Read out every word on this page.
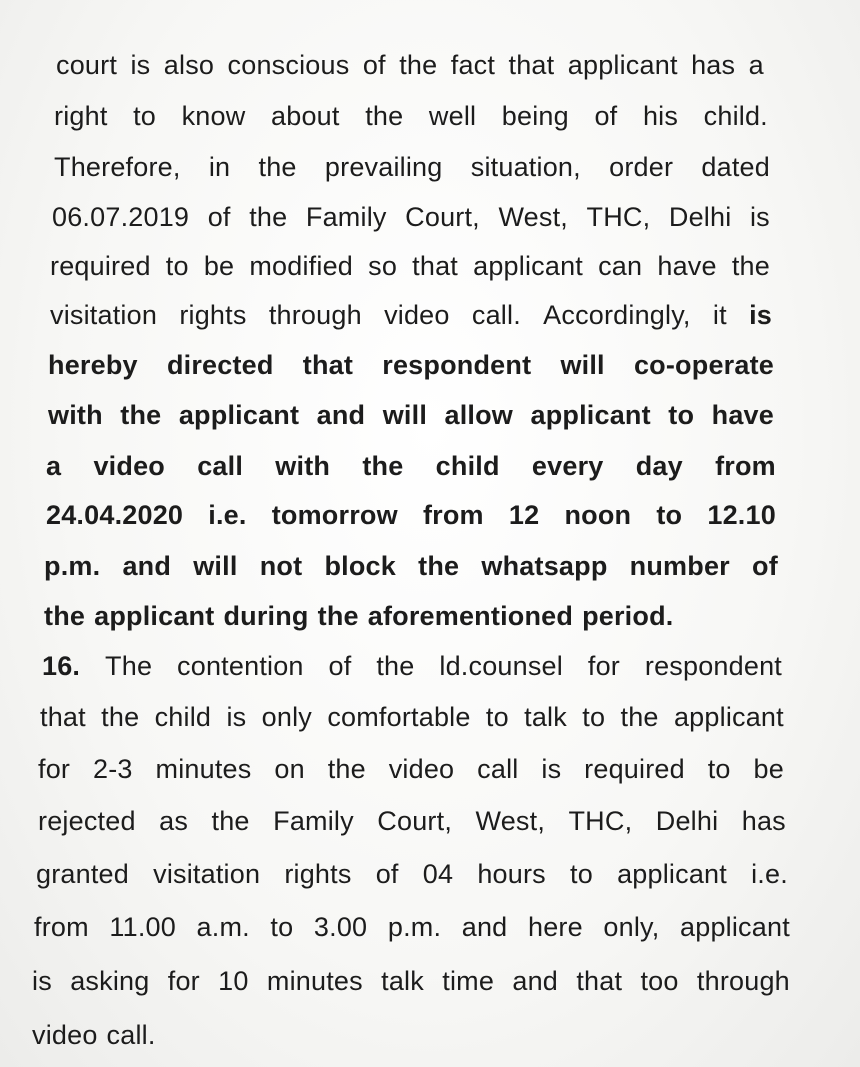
court is also conscious of the fact that applicant has a
right to know about the well being of his child.
Therefore, in the prevailing situation, order dated
06.07.2019 of the Family Court, West, THC, Delhi is
required to be modified so that applicant can have the
visitation rights through video call. Accordingly, it is
hereby directed that respondent will co-operate
with the applicant and will allow applicant to have
a video call with the child every day from
24.04.2020 i.e. tomorrow from 12 noon to 12.10
p.m. and will not block the whatsapp number of
the applicant during the aforementioned period.
16. The contention of the ld.counsel for respondent
that the child is only comfortable to talk to the applicant
for 2-3 minutes on the video call is required to be
rejected as the Family Court, West, THC, Delhi has
granted visitation rights of 04 hours to applicant i.e.
from 11.00 a.m. to 3.00 p.m. and here only, applicant
is asking for 10 minutes talk time and that too through
video call.
